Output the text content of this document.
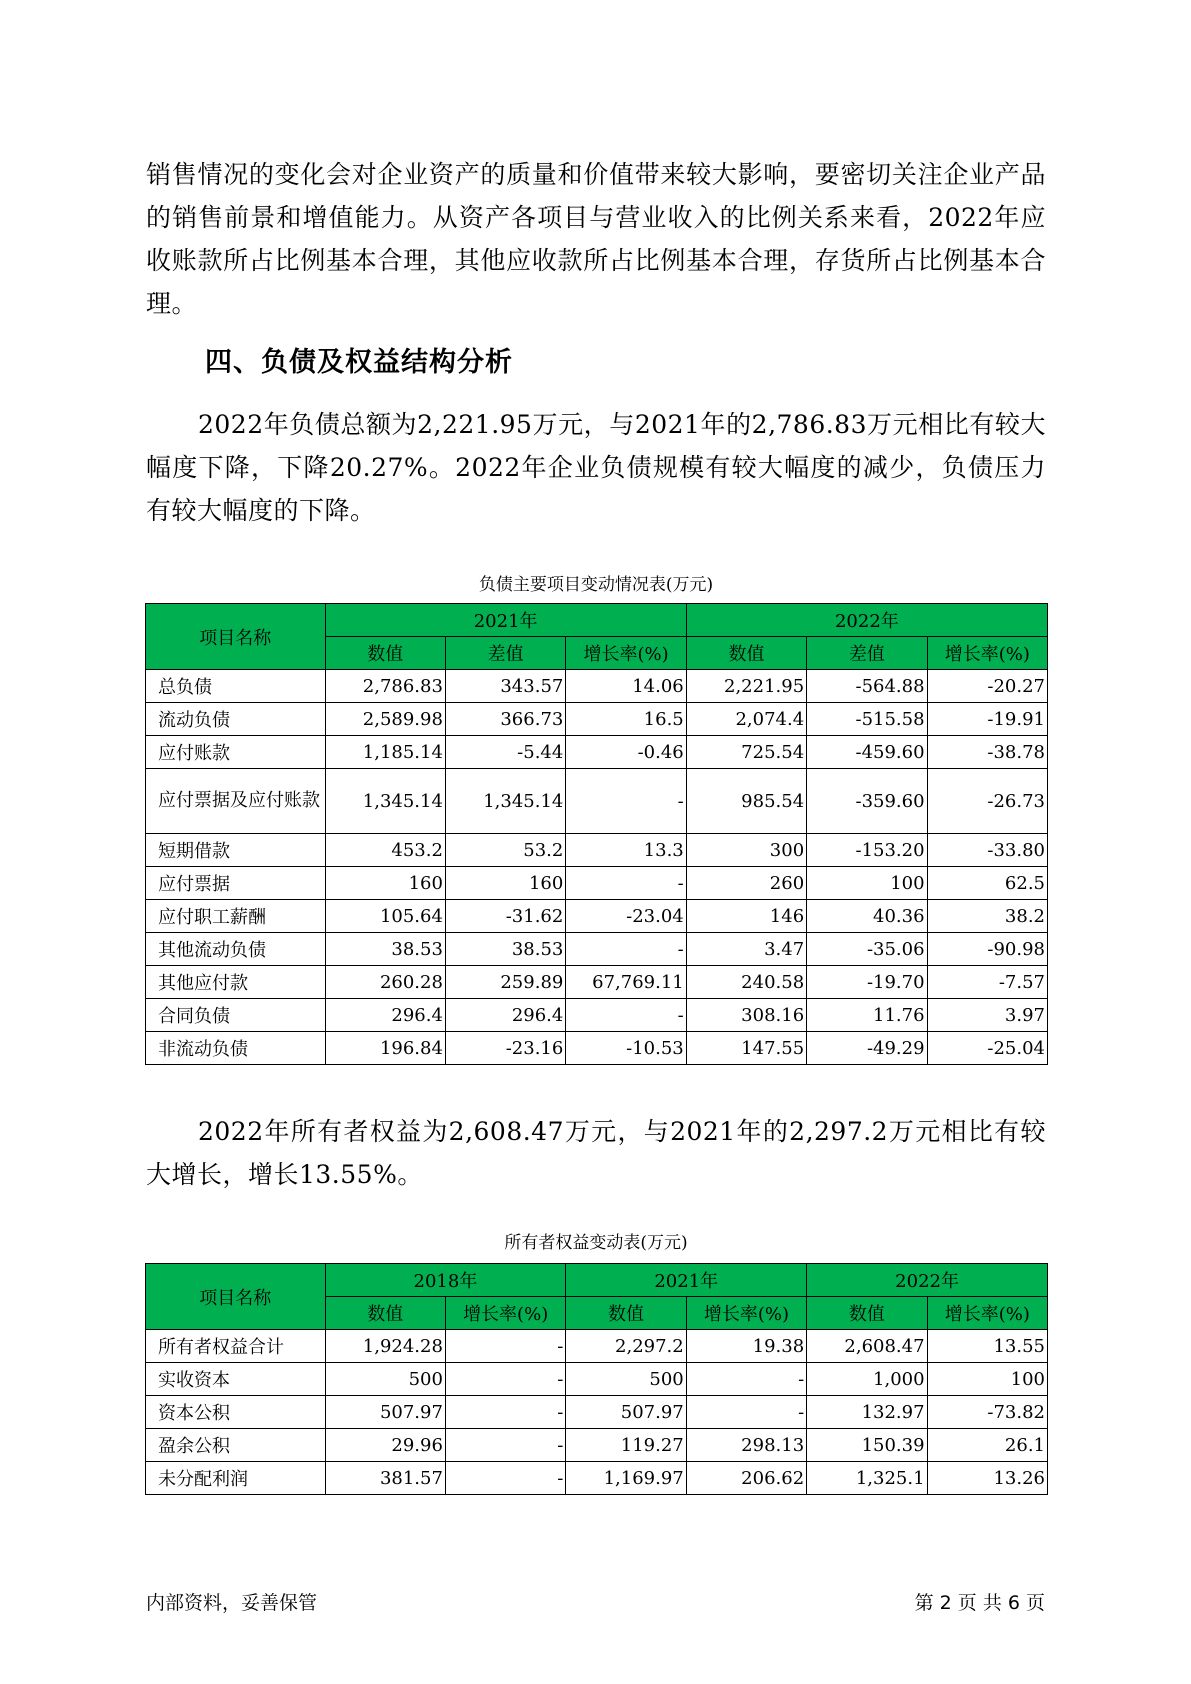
销售情况的变化会对企业资产的质量和价值带来较大影响，要密切关注企业产品的销售前景和增值能力。从资产各项目与营业收入的比例关系来看，2022年应收账款所占比例基本合理，其他应收款所占比例基本合理，存货所占比例基本合理。

四、负债及权益结构分析

2022年负债总额为2,221.95万元，与2021年的2,786.83万元相比有较大幅度下降，下降20.27%。2022年企业负债规模有较大幅度的减少，负债压力有较大幅度的下降。

负债主要项目变动情况表(万元)

项目名称	2021年			2022年		
	数值	差值	增长率(%)	数值	差值	增长率(%)
总负债	2,786.83	343.57	14.06	2,221.95	-564.88	-20.27
流动负债	2,589.98	366.73	16.5	2,074.4	-515.58	-19.91
应付账款	1,185.14	-5.44	-0.46	725.54	-459.60	-38.78
应付票据及应付账款	1,345.14	1,345.14	-	985.54	-359.60	-26.73
短期借款	453.2	53.2	13.3	300	-153.20	-33.80
应付票据	160	160	-	260	100	62.5
应付职工薪酬	105.64	-31.62	-23.04	146	40.36	38.2
其他流动负债	38.53	38.53	-	3.47	-35.06	-90.98
其他应付款	260.28	259.89	67,769.11	240.58	-19.70	-7.57
合同负债	296.4	296.4	-	308.16	11.76	3.97
非流动负债	196.84	-23.16	-10.53	147.55	-49.29	-25.04

2022年所有者权益为2,608.47万元，与2021年的2,297.2万元相比有较大增长，增长13.55%。

所有者权益变动表(万元)

项目名称	2018年		2021年		2022年	
	数值	增长率(%)	数值	增长率(%)	数值	增长率(%)
所有者权益合计	1,924.28	-	2,297.2	19.38	2,608.47	13.55
实收资本	500	-	500	-	1,000	100
资本公积	507.97	-	507.97	-	132.97	-73.82
盈余公积	29.96	-	119.27	298.13	150.39	26.1
未分配利润	381.57	-	1,169.97	206.62	1,325.1	13.26

内部资料，妥善保管	第 2 页 共 6 页
